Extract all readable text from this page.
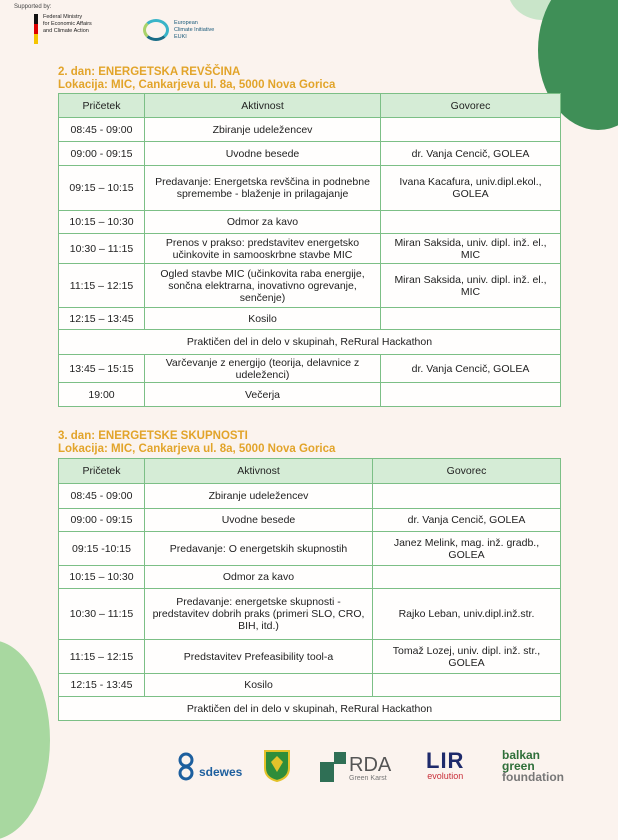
Supported by:
Federal Ministry
for Economic Affairs
and Climate Action
European
Climate Initiative
EUKI
2. dan: ENERGETSKA REVŠČINA
Lokacija: MIC, Cankarjeva ul. 8a, 5000 Nova Gorica
Pričetek	Aktivnost	Govorec
08:45 - 09:00	Zbiranje udeležencev	
09:00 - 09:15	Uvodne besede	dr. Vanja Cencič, GOLEA
09:15 – 10:15	Predavanje: Energetska revščina in podnebne spremembe - blaženje in prilagajanje	Ivana Kacafura, univ.dipl.ekol., GOLEA
10:15 – 10:30	Odmor za kavo	
10:30 – 11:15	Prenos v prakso: predstavitev energetsko učinkovite in samooskrbne stavbe MIC	Miran Saksida, univ. dipl. inž. el., MIC
11:15 – 12:15	Ogled stavbe MIC (učinkovita raba energije, sončna elektrarna, inovativno ogrevanje, senčenje)	Miran Saksida, univ. dipl. inž. el., MIC
12:15 – 13:45	Kosilo	
Praktičen del in delo v skupinah, ReRural Hackathon		
13:45 – 15:15	Varčevanje z energijo (teorija, delavnice z udeleženci)	dr. Vanja Cencič, GOLEA
19:00	Večerja	
3. dan: ENERGETSKE SKUPNOSTI
Lokacija: MIC, Cankarjeva ul. 8a, 5000 Nova Gorica
Pričetek	Aktivnost	Govorec
08:45 - 09:00	Zbiranje udeležencev	
09:00 - 09:15	Uvodne besede	dr. Vanja Cencič, GOLEA
09:15 -10:15	Predavanje: O energetskih skupnostih	Janez Melink, mag. inž. gradb., GOLEA
10:15 – 10:30	Odmor za kavo	
10:30 – 11:15	Predavanje: energetske skupnosti - predstavitev dobrih praks (primeri SLO, CRO, BIH, itd.)	Rajko Leban, univ.dipl.inž.str.
11:15 – 12:15	Predstavitev Prefeasibility tool-a	Tomaž Lozej, univ. dipl. inž. str., GOLEA
12:15 - 13:45	Kosilo	
Praktičen del in delo v skupinah, ReRural Hackathon		
sdewes	RDA
Green Karst
LIR
evolution
balkan
green
foundation
